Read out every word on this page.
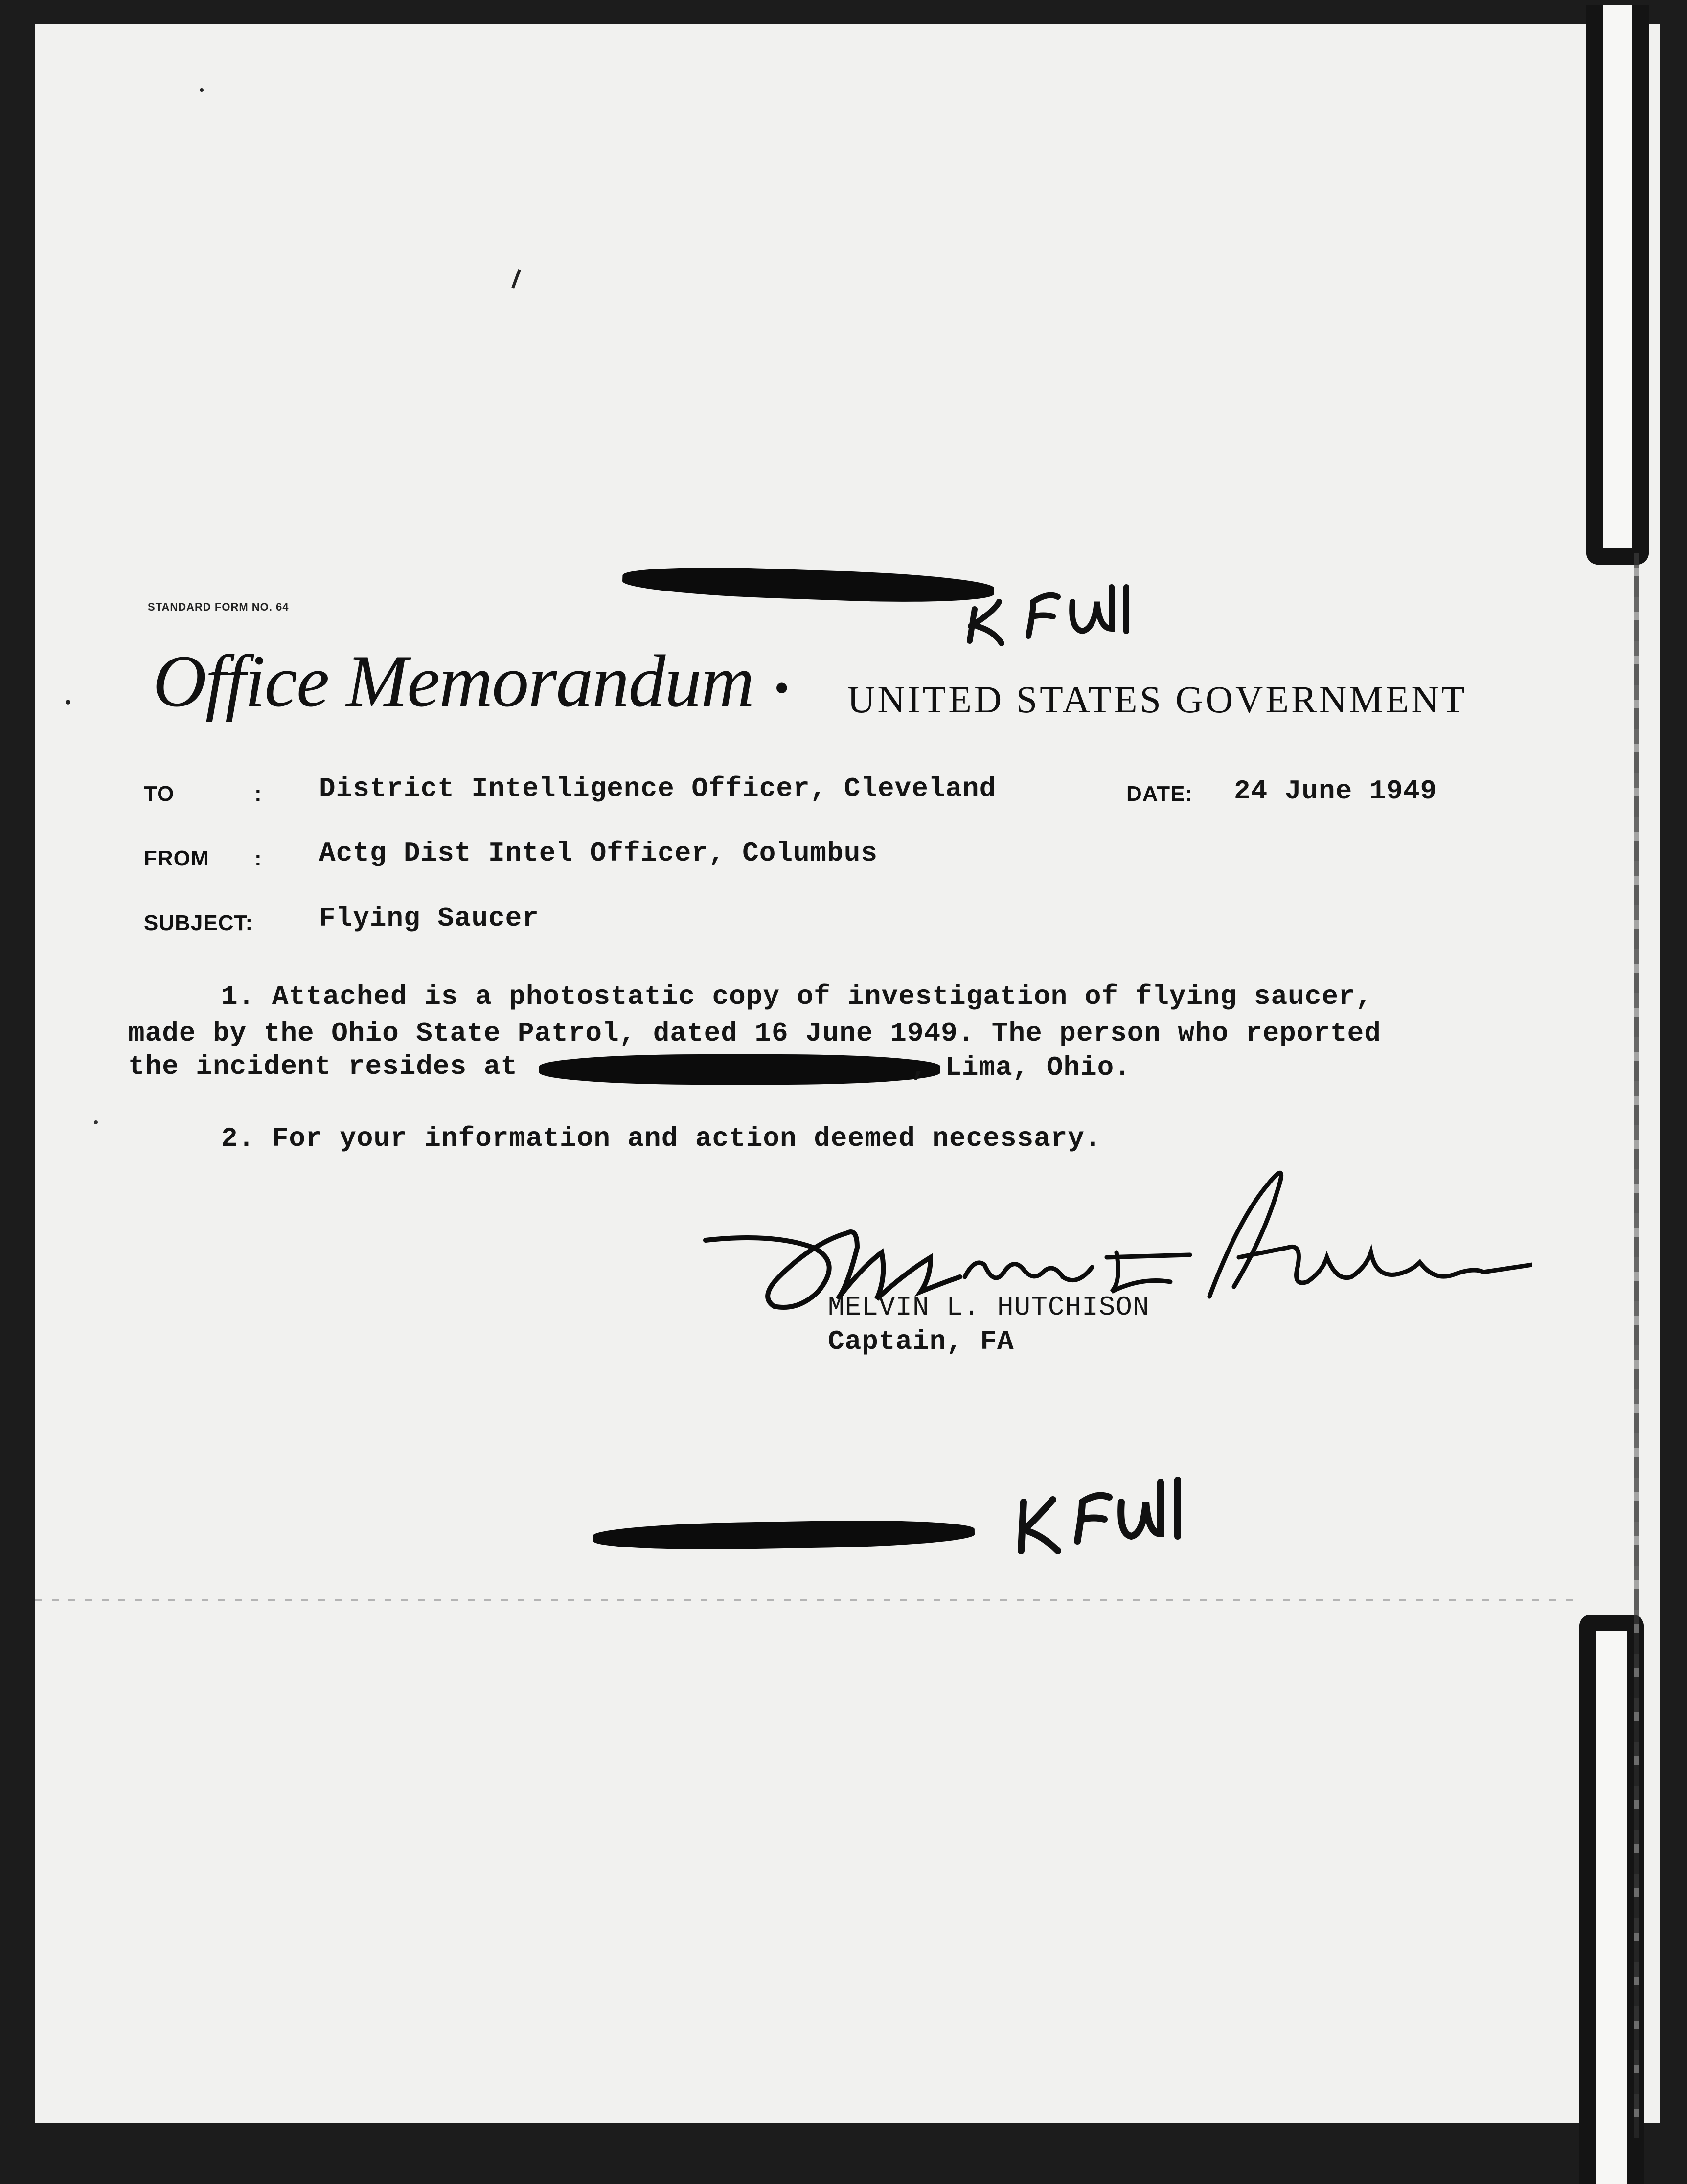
STANDARD FORM NO. 64
Office Memorandum • UNITED STATES GOVERNMENT
TO	: District Intelligence Officer, Cleveland	DATE: 24 June 1949
FROM : Actg Dist Intel Officer, Columbus
SUBJECT: Flying Saucer
1. Attached is a photostatic copy of investigation of flying saucer,
made by the Ohio State Patrol, dated 16 June 1949. The person who reported
the incident resides at	, Lima, Ohio.
2. For your information and action deemed necessary.
MELVIN L. HUTCHISON
Captain, FA
